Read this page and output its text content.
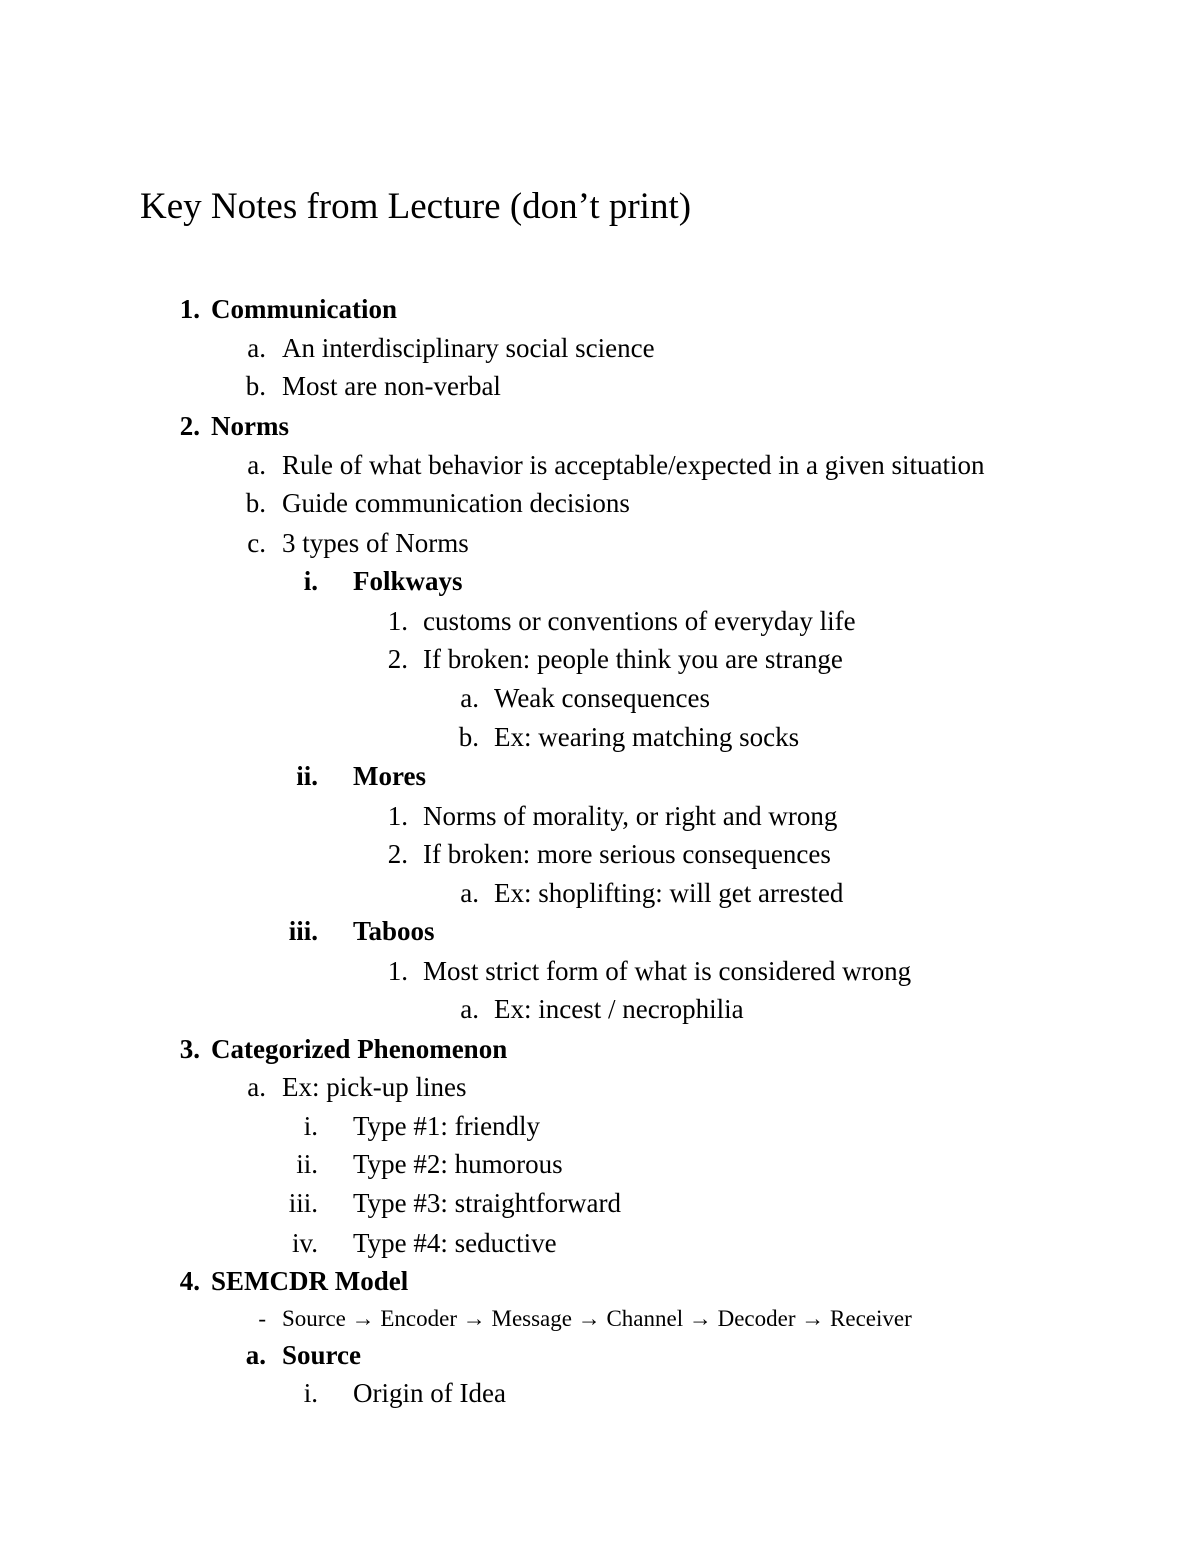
Key Notes from Lecture (don’t print)
1. Communication
a. An interdisciplinary social science
b. Most are non-verbal
2. Norms
a. Rule of what behavior is acceptable/expected in a given situation
b. Guide communication decisions
c. 3 types of Norms
i. Folkways
1. customs or conventions of everyday life
2. If broken: people think you are strange
a. Weak consequences
b. Ex: wearing matching socks
ii. Mores
1. Norms of morality, or right and wrong
2. If broken: more serious consequences
a. Ex: shoplifting: will get arrested
iii. Taboos
1. Most strict form of what is considered wrong
a. Ex: incest / necrophilia
3. Categorized Phenomenon
a. Ex: pick-up lines
i. Type #1: friendly
ii. Type #2: humorous
iii. Type #3: straightforward
iv. Type #4: seductive
4. SEMCDR Model
- Source → Encoder → Message → Channel → Decoder → Receiver
a. Source
i. Origin of Idea
